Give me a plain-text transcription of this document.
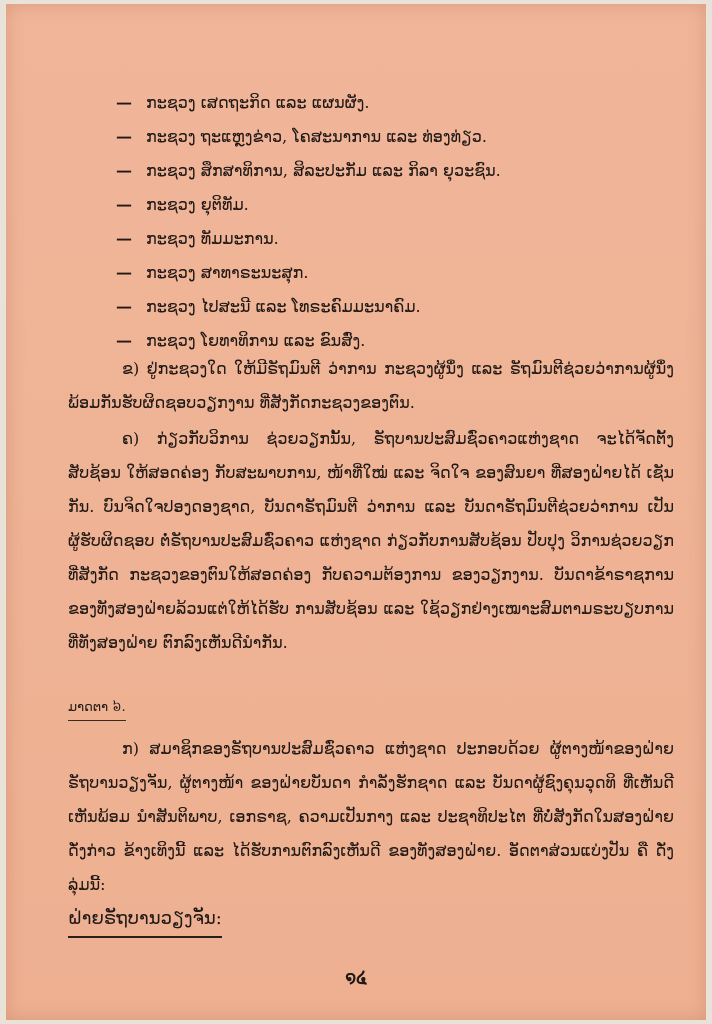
— ກະຊວງ ເສດຖະກິດ ແລະ ແຜນຜັງ.
— ກະຊວງ ຖະແຫຼງຂ່າວ, ໂຄສະນາການ ແລະ ທ່ອງທ່ຽວ.
— ກະຊວງ ສຶກສາທິການ, ສິລະປະກັມ ແລະ ກິລາ ຍຸວະຊົນ.
— ກະຊວງ ຍຸຕິທັມ.
— ກະຊວງ ທັມມະການ.
— ກະຊວງ ສາທາຣະນະສຸກ.
— ກະຊວງ ໄປສະນີ ແລະ ໂທຣະຄົມມະນາຄົມ.
— ກະຊວງ ໂຍທາທິການ ແລະ ຂົນສົ່ງ.
ຂ) ຢູ່ກະຊວງໃດ ໃຫ້ມີຣັຖມົນຕີ ວ່າການ ກະຊວງຜູ້ນຶ່ງ ແລະ ຣັຖມົນຕີຊ່ວຍວ່າການຜູ້ນຶ່ງ ພ້ອມກັນຮັບຜິດຊອບວຽກງານ ທີ່ສັງກັດກະຊວງຂອງຕົນ.
ຄ) ກ່ຽວກັບວິການ ຊ່ວຍວຽກນັ້ນ, ຣັຖບານປະສົມຊົ່ວຄາວແຫ່ງຊາດ ຈະໄດ້ຈັດຕັ້ງສັບຊ້ອນ ໃຫ້ສອດຄ່ອງ ກັບສະພາບການ, ໜ້າທີ່ໃໝ່ ແລະ ຈິດໃຈ ຂອງສົນຍາ ທີ່ສອງຝ່າຍໄດ້ ເຊັນກັນ. ບົນຈິດໃຈປອງດອງຊາດ, ບັນດາຣັຖມົນຕີ ວ່າການ ແລະ ບັນດາຣັຖມົນຕີຊ່ວຍວ່າການ ເປັນຜູ້ຮັບຜິດຊອບ ຕໍ່ຣັຖບານປະສົມຊົ່ວຄາວ ແຫ່ງຊາດ ກ່ຽວກັບການສັບຊ້ອນ ປັບປຸງ ວິການຊ່ວຍວຽກ ທີ່ສັງກັດ ກະຊວງຂອງຕົນໃຫ້ສອດຄ່ອງ ກັບຄວາມຕ້ອງການ ຂອງວຽກງານ. ບັນດາຂ້າຣາຊການ ຂອງທັງສອງຝ່າຍລ້ວນແຕ່ໃຫ້ໄດ້ຮັບ ການສັບຊ້ອນ ແລະ ໃຊ້ວຽກຢ່າງເໝາະສົມຕາມຣະບຽບການ ທີ່ທັງສອງຝ່າຍ ຕົກລົງເຫັນດີນຳກັນ.
ມາດຕາ ៦.
ກ) ສມາຊິກຂອງຣັຖບານປະສົມຊົ່ວຄາວ ແຫ່ງຊາດ ປະກອບດ້ວຍ ຜູ້ຕາງໜ້າຂອງຝ່າຍຣັຖບານວຽງຈັນ, ຜູ້ຕາງໜ້າ ຂອງຝ່າຍບັນດາ ກຳລັງຮັກຊາດ ແລະ ບັນດາຜູ້ຊົງຄຸນວຸດທິ ທີ່ເຫັນດີ ເຫັນພ້ອມ ນຳສັນຕິພາບ, ເອກຣາຊ, ຄວາມເປັນກາງ ແລະ ປະຊາທິປະໄຕ ທີ່ບໍ່ສັງກັດໃນສອງຝ່າຍ ດັ່ງກ່າວ ຂ້າງເທິງນີ້ ແລະ ໄດ້ຮັບການຕົກລົງເຫັນດີ ຂອງທັງສອງຝ່າຍ. ອັດຕາສ່ວນແບ່ງປັນ ຄື ດັ່ງລຸ່ມນີ້:
ຝ່າຍຣັຖບານວຽງຈັນ:
໑໔
